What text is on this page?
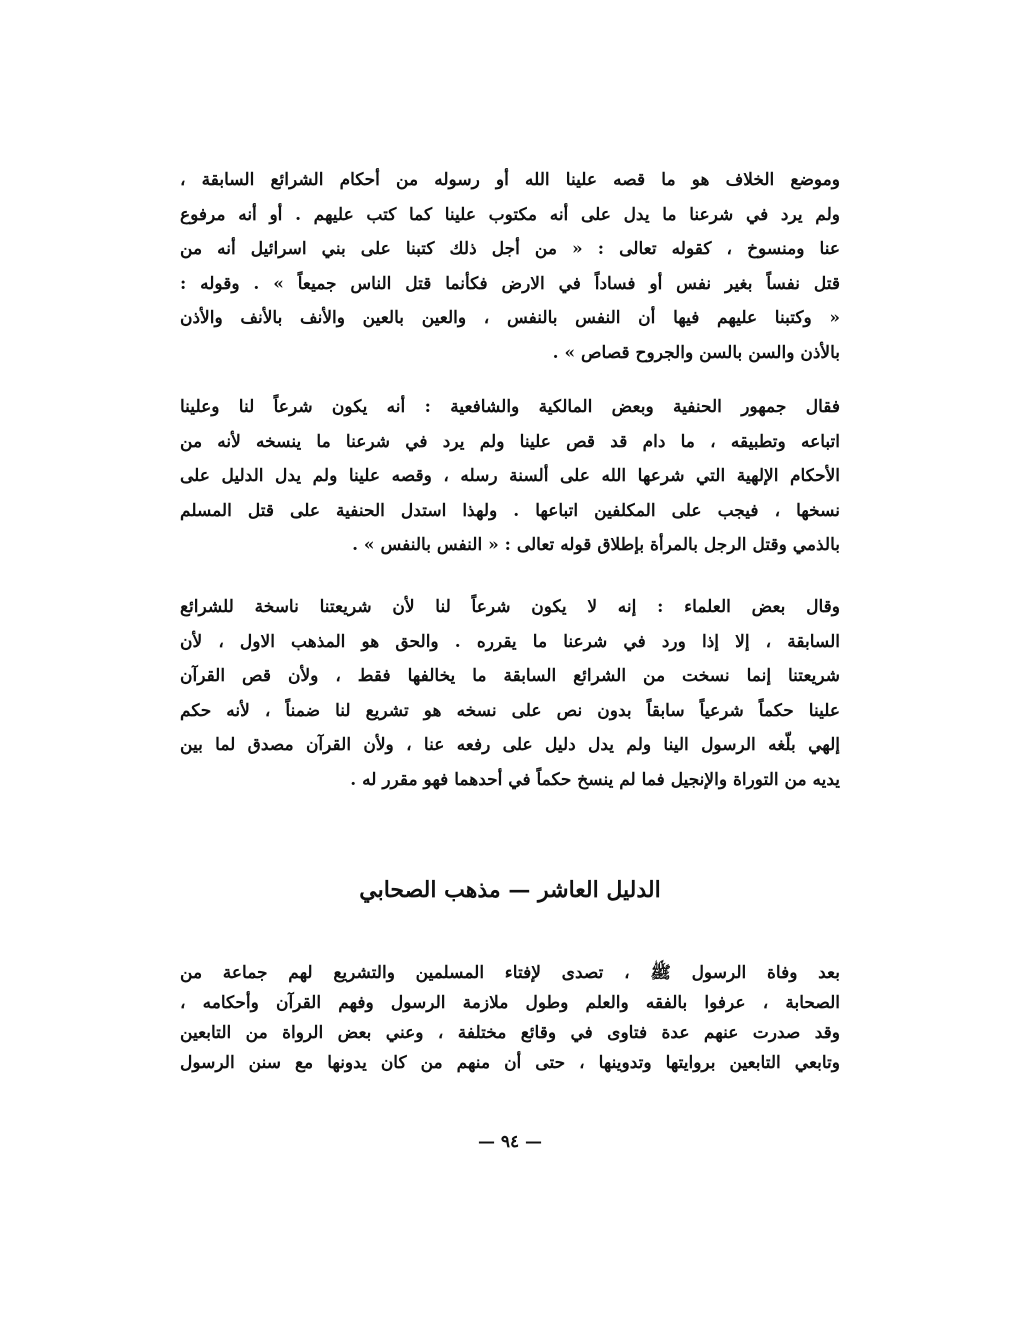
وموضع الخلاف هو ما قصه علينا الله أو رسوله من أحكام الشرائع السابقة ،
ولم يرد في شرعنا ما يدل على أنه مكتوب علينا كما كتب عليهم . أو أنه مرفوع
عنا ومنسوخ ، كقوله تعالى : « من أجل ذلك كتبنا على بني اسرائيل أنه من
قتل نفساً بغير نفس أو فساداً في الارض فكأنما قتل الناس جميعاً » . وقوله :
« وكتبنا عليهم فيها أن النفس بالنفس ، والعين بالعين والأنف بالأنف والأذن
بالأذن والسن بالسن والجروح قصاص » .
فقال جمهور الحنفية وبعض المالكية والشافعية : أنه يكون شرعاً لنا وعلينا
اتباعه وتطبيقه ، ما دام قد قص علينا ولم يرد في شرعنا ما ينسخه لأنه من
الأحكام الإلهية التي شرعها الله على ألسنة رسله ، وقصه علينا ولم يدل الدليل على
نسخها ، فيجب على المكلفين اتباعها . ولهذا استدل الحنفية على قتل المسلم
بالذمي وقتل الرجل بالمرأة بإطلاق قوله تعالى : « النفس بالنفس » .
وقال بعض العلماء : إنه لا يكون شرعاً لنا لأن شريعتنا ناسخة للشرائع
السابقة ، إلا إذا ورد في شرعنا ما يقرره . والحق هو المذهب الاول ، لأن
شريعتنا إنما نسخت من الشرائع السابقة ما يخالفها فقط ، ولأن قص القرآن
علينا حكماً شرعياً سابقاً بدون نص على نسخه هو تشريع لنا ضمناً ، لأنه حكم
إلهي بلّغه الرسول الينا ولم يدل دليل على رفعه عنا ، ولأن القرآن مصدق لما بين
يديه من التوراة والإنجيل فما لم ينسخ حكماً في أحدهما فهو مقرر له .
الدليل العاشر — مذهب الصحابي
بعد وفاة الرسول ﷺ ، تصدى لإفتاء المسلمين والتشريع لهم جماعة من
الصحابة ، عرفوا بالفقه والعلم وطول ملازمة الرسول وفهم القرآن وأحكامه ،
وقد صدرت عنهم عدة فتاوى في وقائع مختلفة ، وعني بعض الرواة من التابعين
وتابعي التابعين بروايتها وتدوينها ، حتى أن منهم من كان يدونها مع سنن الرسول
— ٩٤ —
